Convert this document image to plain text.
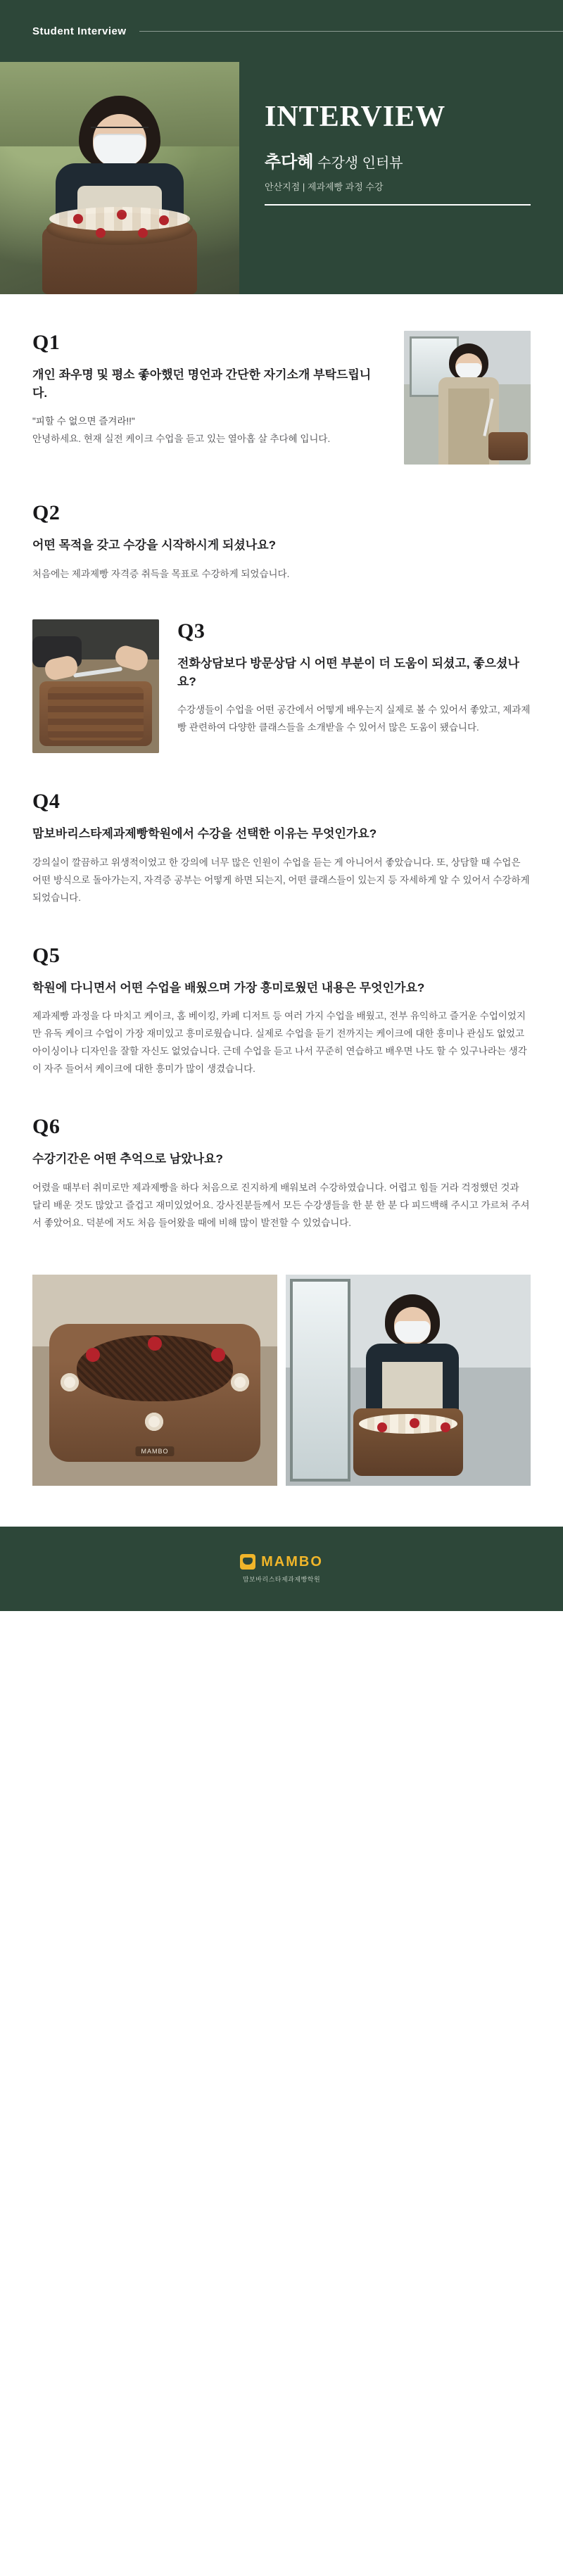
Student Interview
INTERVIEW
추다혜 수강생 인터뷰
안산지점 | 제과제빵 과정 수강
Q1
개인 좌우명 및 평소 좋아했던 명언과 간단한 자기소개 부탁드립니다.

"피할 수 없으면 즐겨라!!"
안녕하세요. 현재 실전 케이크 수업을 듣고 있는 열아홉 살 추다혜 입니다.

Q2
어떤 목적을 갖고 수강을 시작하시게 되셨나요?

처음에는 제과제빵 자격증 취득을 목표로 수강하게 되었습니다.

Q3
전화상담보다 방문상담 시 어떤 부분이 더 도움이 되셨고, 좋으셨나요?

수강생들이 수업을 어떤 공간에서 어떻게 배우는지 실제로 볼 수 있어서 좋았고, 제과제빵 관련하여 다양한 클래스들을 소개받을 수 있어서 많은 도움이 됐습니다.

Q4
맘보바리스타제과제빵학원에서 수강을 선택한 이유는 무엇인가요?

강의실이 깔끔하고 위생적이었고 한 강의에 너무 많은 인원이 수업을 듣는 게 아니어서 좋았습니다. 또, 상담할 때 수업은 어떤 방식으로 돌아가는지, 자격증 공부는 어떻게 하면 되는지, 어떤 클래스들이 있는지 등 자세하게 알 수 있어서 수강하게 되었습니다.

Q5
학원에 다니면서 어떤 수업을 배웠으며 가장 흥미로웠던 내용은 무엇인가요?

제과제빵 과정을 다 마치고 케이크, 홈 베이킹, 카페 디저트 등 여러 가지 수업을 배웠고, 전부 유익하고 즐거운 수업이었지만 유독 케이크 수업이 가장 재미있고 흥미로웠습니다. 실제로 수업을 듣기 전까지는 케이크에 대한 흥미나 관심도 없었고 아이싱이나 디자인을 잘할 자신도 없었습니다. 근데 수업을 듣고 나서 꾸준히 연습하고 배우면 나도 할 수 있구나라는 생각이 자주 들어서 케이크에 대한 흥미가 많이 생겼습니다.

Q6
수강기간은 어떤 추억으로 남았나요?

어렸을 때부터 취미로만 제과제빵을 하다 처음으로 진지하게 배워보려 수강하였습니다. 어렵고 힘들 거라 걱정했던 것과 달리 배운 것도 많았고 즐겁고 재미있었어요. 강사진분들께서 모든 수강생들을 한 분 한 분 다 피드백해 주시고 가르쳐 주셔서 좋았어요. 덕분에 저도 처음 들어왔을 때에 비해 많이 발전할 수 있었습니다.

MAMBO
MAMBO
맘보바리스타제과제빵학원
